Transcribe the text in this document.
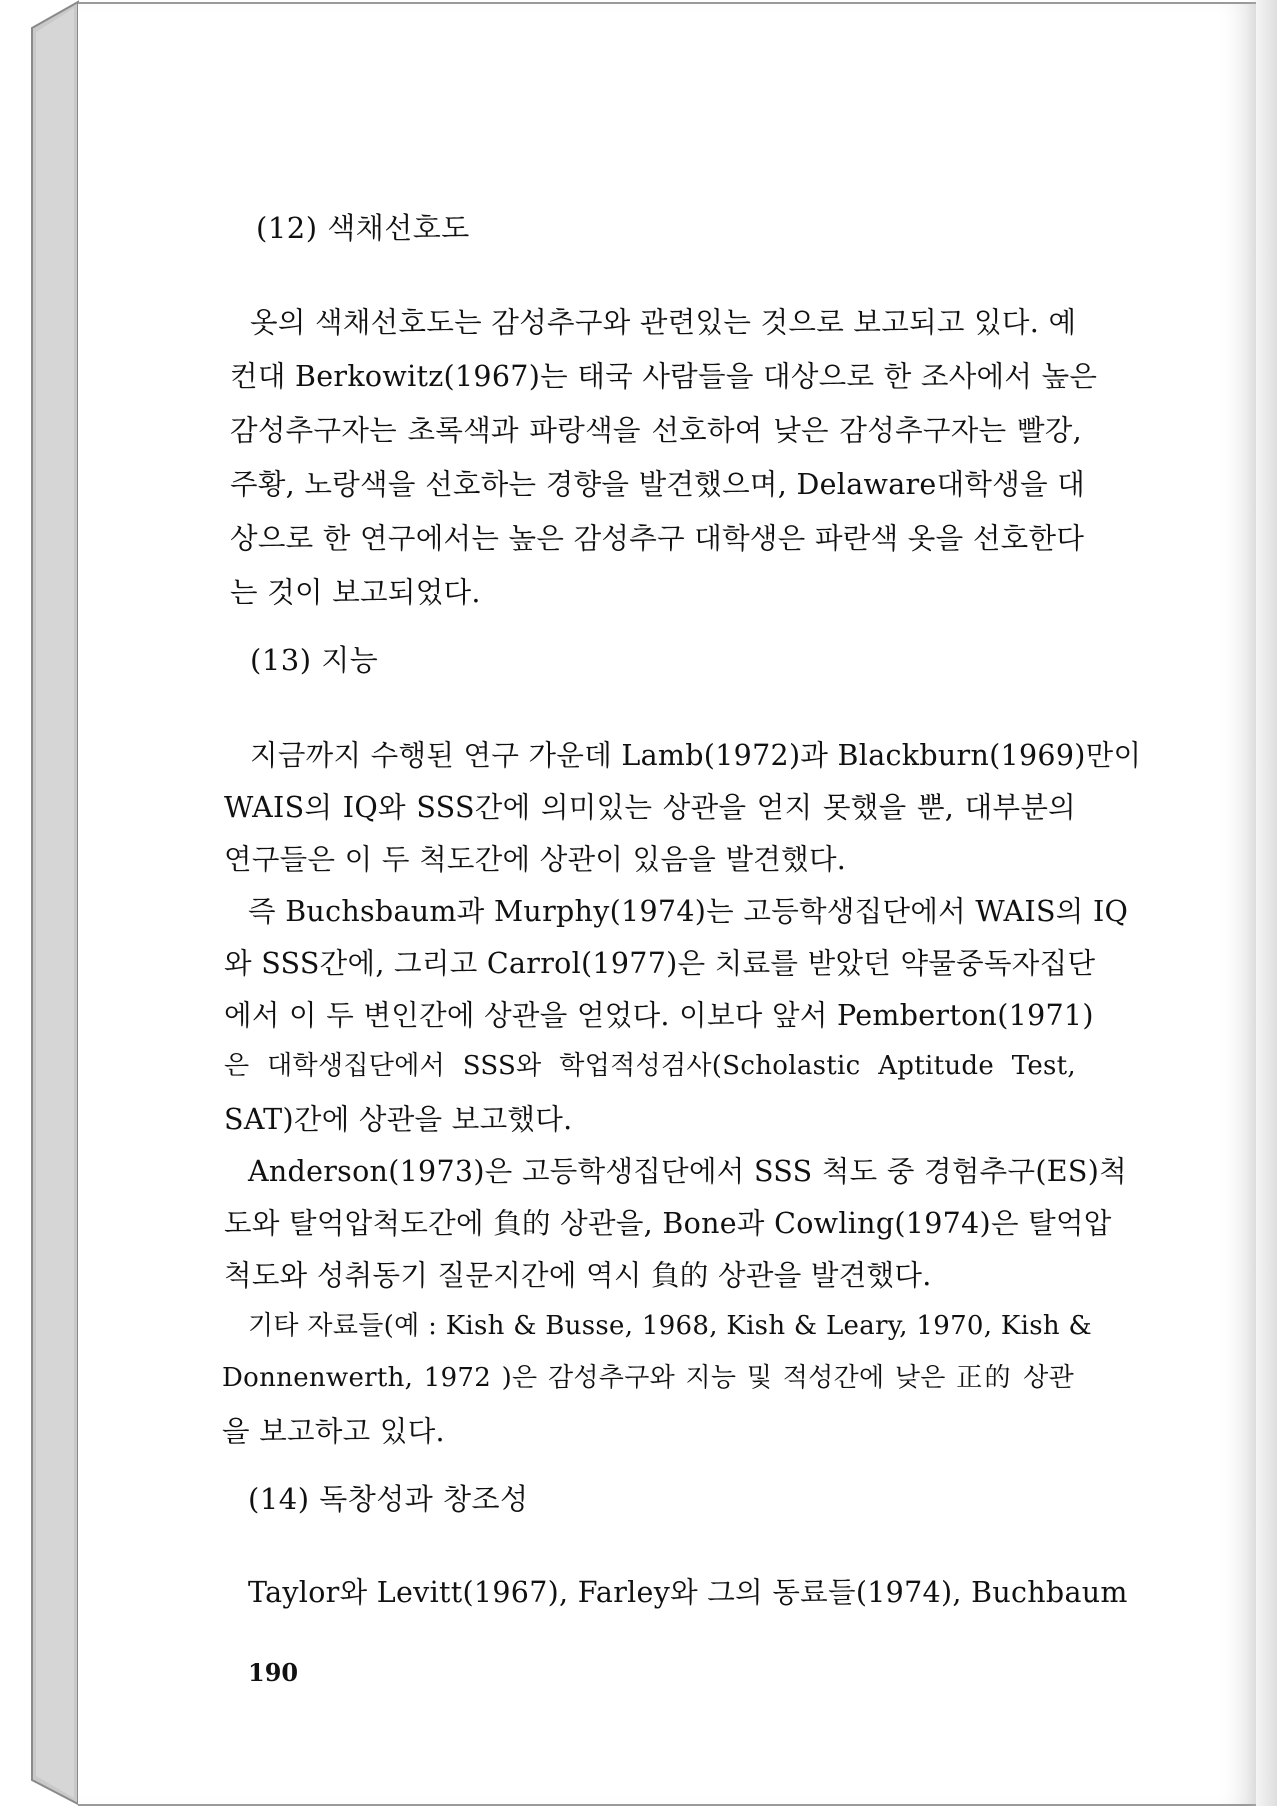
(12) 색채선호도
옷의 색채선호도는 감성추구와 관련있는 것으로 보고되고 있다. 예
컨대 Berkowitz(1967)는 태국 사람들을 대상으로 한 조사에서 높은
감성추구자는 초록색과 파랑색을 선호하여 낮은 감성추구자는 빨강,
주황, 노랑색을 선호하는 경향을 발견했으며, Delaware대학생을 대
상으로 한 연구에서는 높은 감성추구 대학생은 파란색 옷을 선호한다
는 것이 보고되었다.
(13) 지능
지금까지 수행된 연구 가운데 Lamb(1972)과 Blackburn(1969)만이
WAIS의 IQ와 SSS간에 의미있는 상관을 얻지 못했을 뿐, 대부분의
연구들은 이 두 척도간에 상관이 있음을 발견했다.
즉 Buchsbaum과 Murphy(1974)는 고등학생집단에서 WAIS의 IQ
와 SSS간에, 그리고 Carrol(1977)은 치료를 받았던 약물중독자집단
에서 이 두 변인간에 상관을 얻었다. 이보다 앞서 Pemberton(1971)
은 대학생집단에서 SSS와 학업적성검사(Scholastic Aptitude Test,
SAT)간에 상관을 보고했다.
Anderson(1973)은 고등학생집단에서 SSS 척도 중 경험추구(ES)척
도와 탈억압척도간에 負的 상관을, Bone과 Cowling(1974)은 탈억압
척도와 성취동기 질문지간에 역시 負的 상관을 발견했다.
기타 자료들(예 : Kish & Busse, 1968, Kish & Leary, 1970, Kish &
Donnenwerth, 1972 )은 감성추구와 지능 및 적성간에 낮은 正的 상관
을 보고하고 있다.
(14) 독창성과 창조성
Taylor와 Levitt(1967), Farley와 그의 동료들(1974), Buchbaum
190
